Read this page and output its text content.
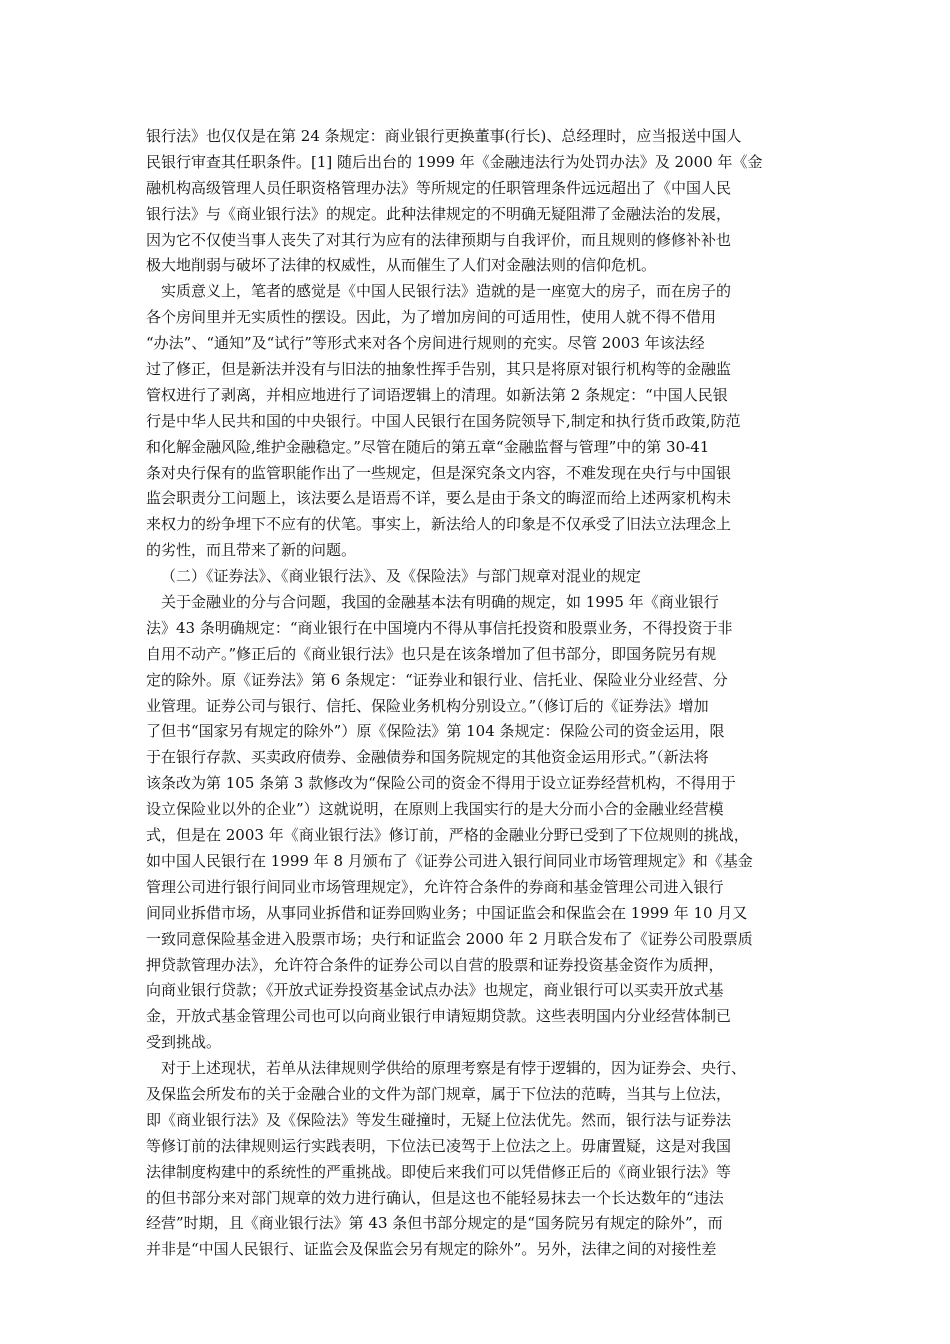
银行法》也仅仅是在第 24 条规定：商业银行更换董事(行长)、总经理时，应当报送中国人
民银行审查其任职条件。[1] 随后出台的 1999 年《金融违法行为处罚办法》及 2000 年《金
融机构高级管理人员任职资格管理办法》等所规定的任职管理条件远远超出了《中国人民
银行法》与《商业银行法》的规定。此种法律规定的不明确无疑阻滞了金融法治的发展，
因为它不仅使当事人丧失了对其行为应有的法律预期与自我评价，而且规则的修修补补也
极大地削弱与破坏了法律的权威性，从而催生了人们对金融法则的信仰危机。
实质意义上，笔者的感觉是《中国人民银行法》造就的是一座宽大的房子，而在房子的
各个房间里并无实质性的摆设。因此，为了增加房间的可适用性，使用人就不得不借用
“办法”、“通知”及“试行”等形式来对各个房间进行规则的充实。尽管 2003 年该法经
过了修正，但是新法并没有与旧法的抽象性挥手告别，其只是将原对银行机构等的金融监
管权进行了剥离，并相应地进行了词语逻辑上的清理。如新法第 2 条规定：“中国人民银
行是中华人民共和国的中央银行。中国人民银行在国务院领导下,制定和执行货币政策,防范
和化解金融风险,维护金融稳定。”尽管在随后的第五章“金融监督与管理”中的第 30-41
条对央行保有的监管职能作出了一些规定，但是深究条文内容，不难发现在央行与中国银
监会职责分工问题上，该法要么是语焉不详，要么是由于条文的晦涩而给上述两家机构未
来权力的纷争埋下不应有的伏笔。事实上，新法给人的印象是不仅承受了旧法立法理念上
的劣性，而且带来了新的问题。
（二）《证券法》、《商业银行法》、及《保险法》与部门规章对混业的规定
关于金融业的分与合问题，我国的金融基本法有明确的规定，如 1995 年《商业银行
法》43 条明确规定：“商业银行在中国境内不得从事信托投资和股票业务，不得投资于非
自用不动产。”修正后的《商业银行法》也只是在该条增加了但书部分，即国务院另有规
定的除外。原《证券法》第 6 条规定：“证券业和银行业、信托业、保险业分业经营、分
业管理。证券公司与银行、信托、保险业务机构分别设立。”（修订后的《证券法》增加
了但书“国家另有规定的除外”）原《保险法》第 104 条规定：保险公司的资金运用，限
于在银行存款、买卖政府债券、金融债券和国务院规定的其他资金运用形式。”（新法将
该条改为第 105 条第 3 款修改为“保险公司的资金不得用于设立证券经营机构，不得用于
设立保险业以外的企业”）这就说明，在原则上我国实行的是大分而小合的金融业经营模
式，但是在 2003 年《商业银行法》修订前，严格的金融业分野已受到了下位规则的挑战，
如中国人民银行在 1999 年 8 月颁布了《证券公司进入银行间同业市场管理规定》和《基金
管理公司进行银行间同业市场管理规定》，允许符合条件的券商和基金管理公司进入银行
间同业拆借市场，从事同业拆借和证券回购业务；中国证监会和保监会在 1999 年 10 月又
一致同意保险基金进入股票市场；央行和证监会 2000 年 2 月联合发布了《证券公司股票质
押贷款管理办法》，允许符合条件的证券公司以自营的股票和证券投资基金资作为质押，
向商业银行贷款；《开放式证券投资基金试点办法》也规定，商业银行可以买卖开放式基
金，开放式基金管理公司也可以向商业银行申请短期贷款。这些表明国内分业经营体制已
受到挑战。
对于上述现状，若单从法律规则学供给的原理考察是有悖于逻辑的，因为证券会、央行、
及保监会所发布的关于金融合业的文件为部门规章，属于下位法的范畴，当其与上位法，
即《商业银行法》及《保险法》等发生碰撞时，无疑上位法优先。然而，银行法与证券法
等修订前的法律规则运行实践表明，下位法已凌驾于上位法之上。毋庸置疑，这是对我国
法律制度构建中的系统性的严重挑战。即使后来我们可以凭借修正后的《商业银行法》等
的但书部分来对部门规章的效力进行确认，但是这也不能轻易抹去一个长达数年的“违法
经营”时期，且《商业银行法》第 43 条但书部分规定的是“国务院另有规定的除外”，而
并非是“中国人民银行、证监会及保监会另有规定的除外”。另外，法律之间的对接性差
